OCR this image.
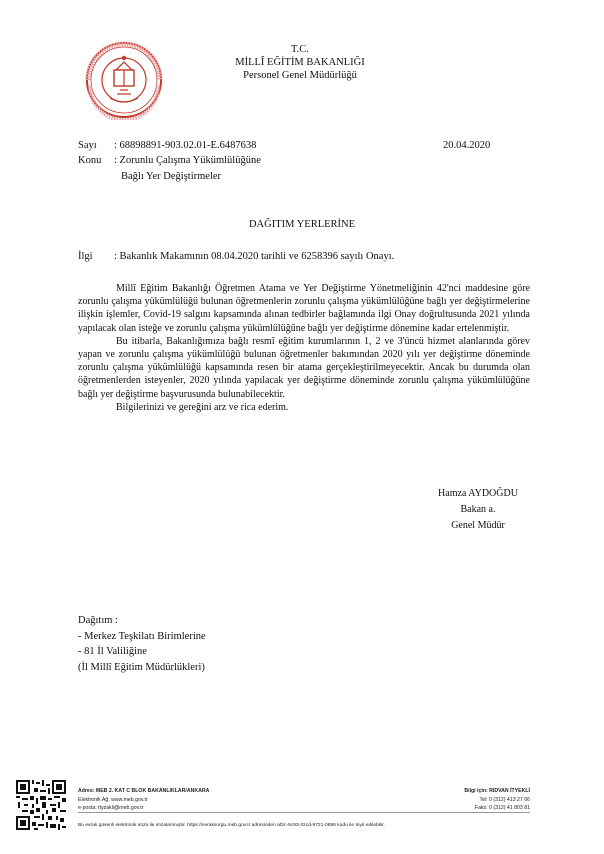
T.C.
MİLLÎ EĞİTİM BAKANLIĞI
Personel Genel Müdürlüğü
Sayı : 68898891-903.02.01-E.6487638	20.04.2020
Konu : Zorunlu Çalışma Yükümlülüğüne
Bağlı Yer Değiştirmeler
DAĞITIM YERLERİNE
İlgi : Bakanlık Makamının 08.04.2020 tarihli ve 6258396 sayılı Onayı.

Millî Eğitim Bakanlığı Öğretmen Atama ve Yer Değiştirme Yönetmeliğinin 42'nci maddesine göre zorunlu çalışma yükümlülüğü bulunan öğretmenlerin zorunlu çalışma yükümlülüğüne bağlı yer değiştirmelerine ilişkin işlemler, Covid-19 salgını kapsamında alınan tedbirler bağlamında ilgi Onay doğrultusunda 2021 yılında yapılacak olan isteğe ve zorunlu çalışma yükümlülüğüne bağlı yer değiştirme dönemine kadar ertelenmiştir.

Bu itibarla, Bakanlığımıza bağlı resmî eğitim kurumlarının 1, 2 ve 3'üncü hizmet alanlarında görev yapan ve zorunlu çalışma yükümlülüğü bulunan öğretmenler bakımından 2020 yılı yer değiştirme döneminde zorunlu çalışma yükümlülüğü kapsamında resen bir atama gerçekleştirilmeyecektir. Ancak bu durumda olan öğretmenlerden isteyenler, 2020 yılında yapılacak yer değiştirme döneminde zorunlu çalışma yükümlülüğüne bağlı yer değiştirme başvurusunda bulunabilecektir.

Bilgilerinizi ve gereğini arz ve rica ederim.

Hamza AYDOĞDU
Bakan a.
Genel Müdür
Dağıtım :
- Merkez Teşkilatı Birimlerine
- 81 İl Valiliğine
(İl Millî Eğitim Müdürlükleri)
Adres: MEB 2. KAT C BLOK BAKANLIKLAR/ANKARA
Elektronik Ağ: www.meb.gov.tr
e-posta: ttyzakli@meb.gov.tr
Bilgi için: RIDVAN İTYEKLİ
Tel: 0 (312) 413 27 66
Faks: 0 (312) 41 803 81
Bu evrak güvenli elektronik imza ile imzalanmıştır. https://evraksorgu.meb.gov.tr adresinden af2c-5c93-32cd-9721-0896 kodu ile teyit edilebilir.
